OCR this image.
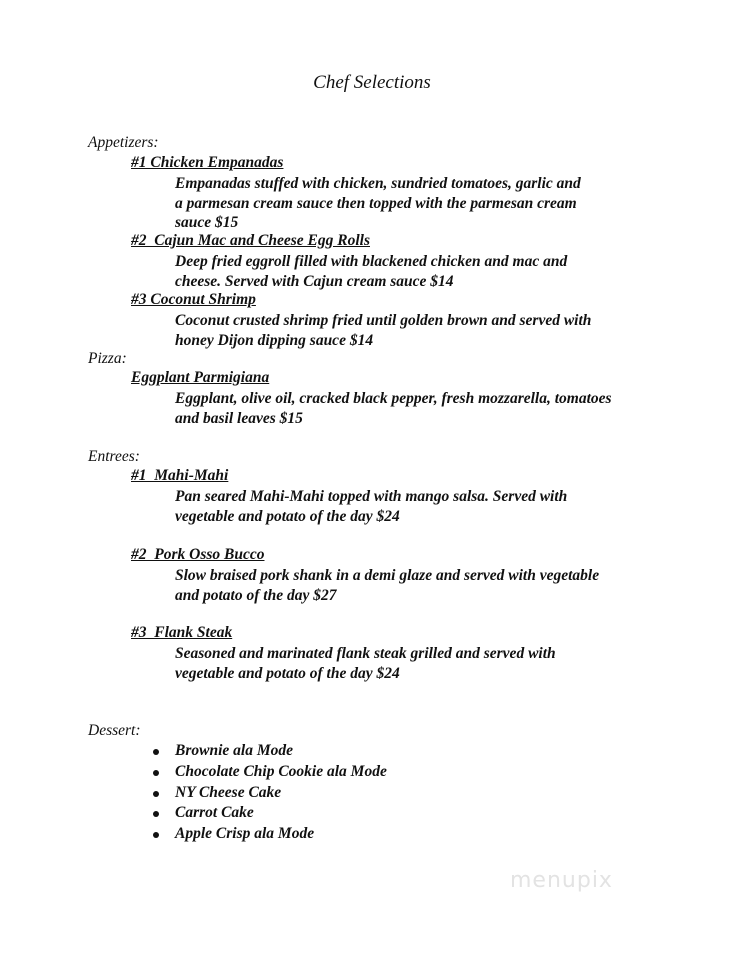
Chef Selections
Appetizers:
#1 Chicken Empanadas
Empanadas stuffed with chicken, sundried tomatoes, garlic and
a parmesan cream sauce then topped with the parmesan cream
sauce $15
#2  Cajun Mac and Cheese Egg Rolls
Deep fried eggroll filled with blackened chicken and mac and
cheese. Served with Cajun cream sauce $14
#3 Coconut Shrimp
Coconut crusted shrimp fried until golden brown and served with
honey Dijon dipping sauce $14
Pizza:
Eggplant Parmigiana
Eggplant, olive oil, cracked black pepper, fresh mozzarella, tomatoes
and basil leaves $15
Entrees:
#1  Mahi-Mahi
Pan seared Mahi-Mahi topped with mango salsa. Served with
vegetable and potato of the day $24
#2  Pork Osso Bucco
Slow braised pork shank in a demi glaze and served with vegetable
and potato of the day $27
#3  Flank Steak
Seasoned and marinated flank steak grilled and served with
vegetable and potato of the day $24
Dessert:
Brownie ala Mode
Chocolate Chip Cookie ala Mode
NY Cheese Cake
Carrot Cake
Apple Crisp ala Mode
menupix
